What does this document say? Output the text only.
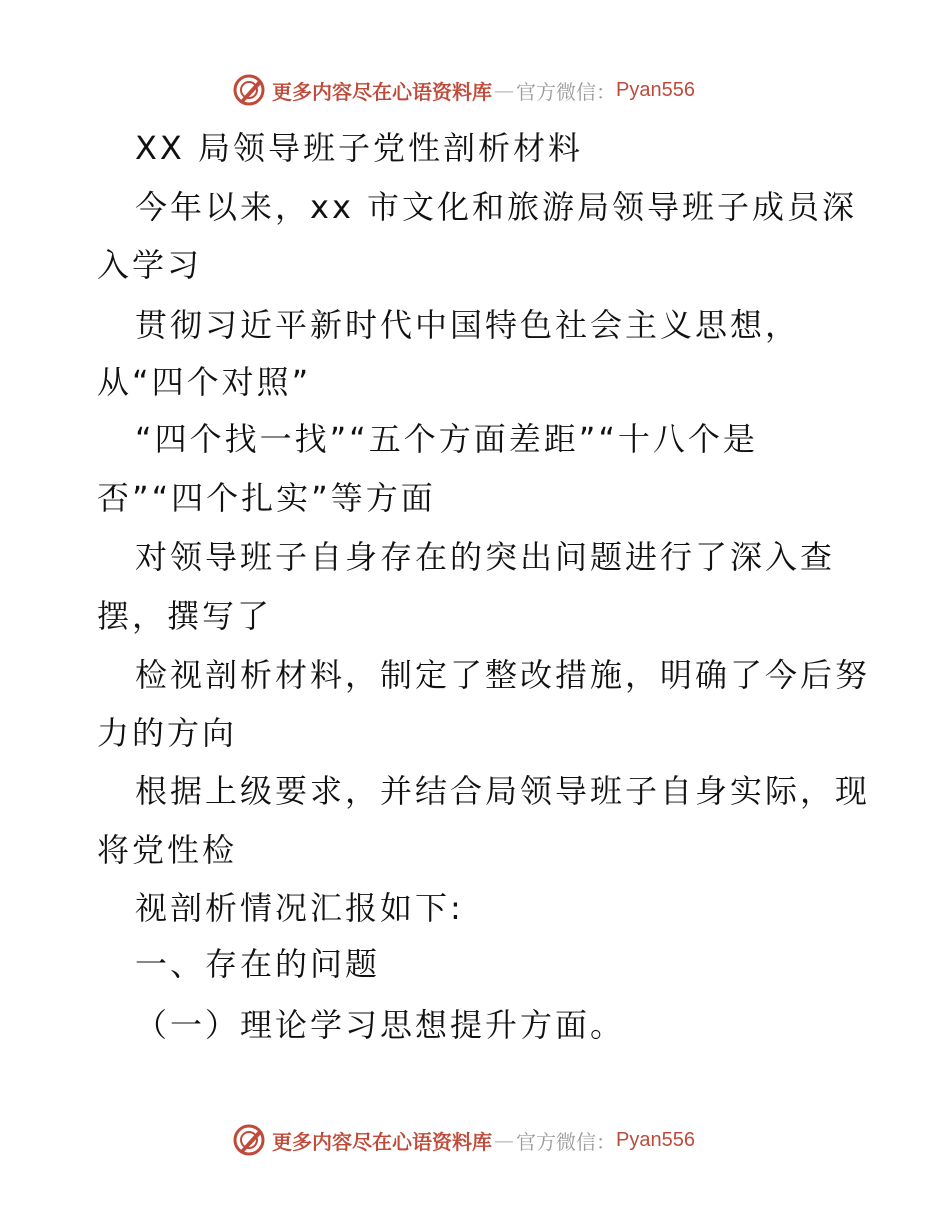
更多内容尽在心语资料库 — 官方微信： Pyan556
XX 局领导班子党性剖析材料
今年以来，xx 市文化和旅游局领导班子成员深
入学习
贯彻习近平新时代中国特色社会主义思想，
从“四个对照”
“四个找一找”“五个方面差距”“十八个是
否”“四个扎实”等方面
对领导班子自身存在的突出问题进行了深入查
摆，撰写了
检视剖析材料，制定了整改措施，明确了今后努
力的方向
根据上级要求，并结合局领导班子自身实际，现
将党性检
视剖析情况汇报如下:
一、存在的问题
（一）理论学习思想提升方面。
更多内容尽在心语资料库 — 官方微信： Pyan556
